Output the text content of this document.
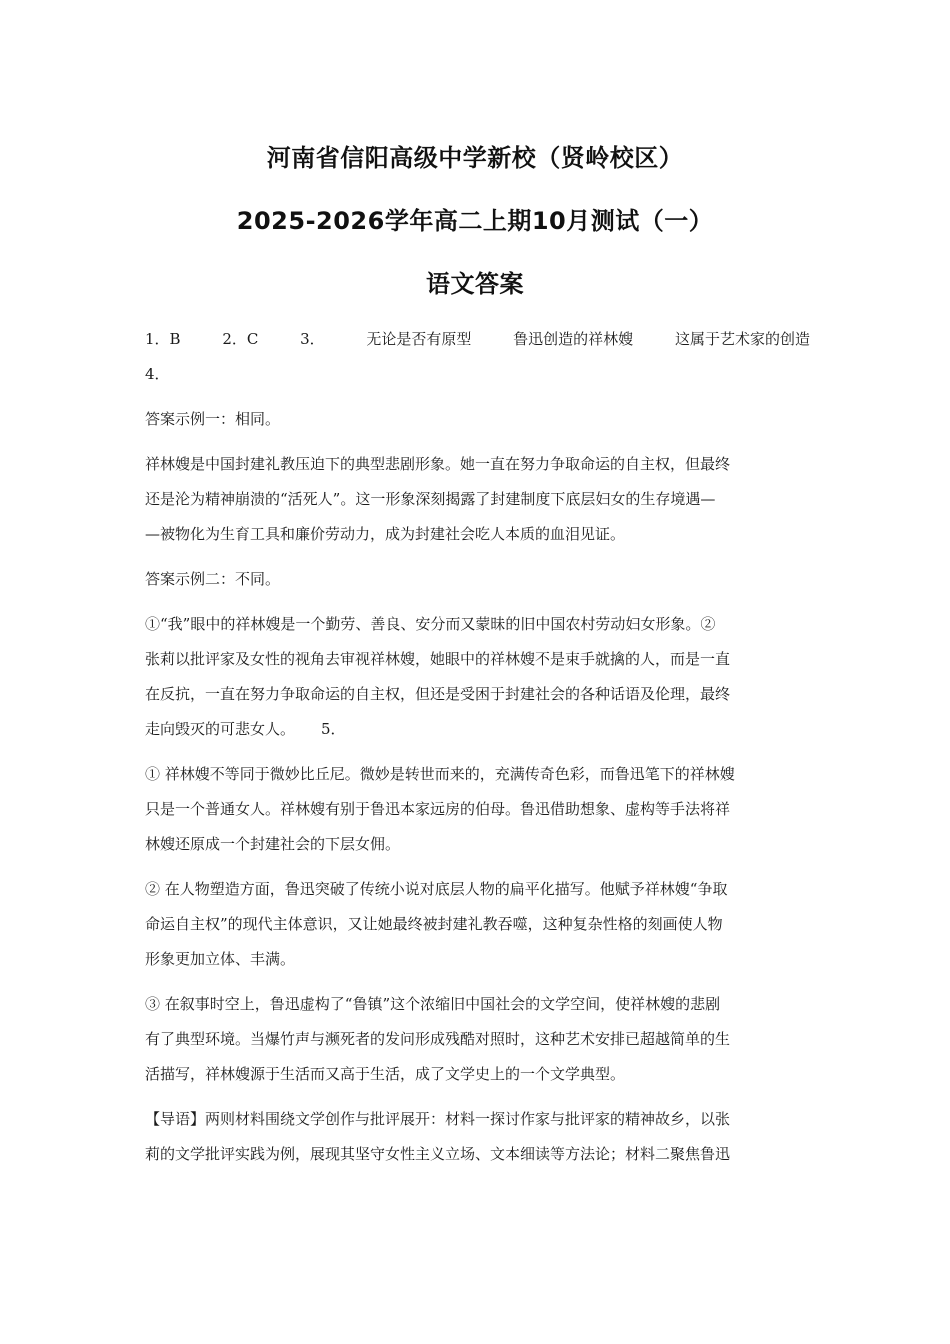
河南省信阳高级中学新校（贤岭校区）
2025-2026学年高二上期10月测试（一）
语文答案
1．B	2．C	3．	无论是否有原型	鲁迅创造的祥林嫂	这属于艺术家的创造
4．
答案示例一：相同。
祥林嫂是中国封建礼教压迫下的典型悲剧形象。她一直在努力争取命运的自主权，但最终
还是沦为精神崩溃的“活死人”。这一形象深刻揭露了封建制度下底层妇女的生存境遇—
—被物化为生育工具和廉价劳动力，成为封建社会吃人本质的血泪见证。
答案示例二：不同。
①“我”眼中的祥林嫂是一个勤劳、善良、安分而又蒙昧的旧中国农村劳动妇女形象。②
张莉以批评家及女性的视角去审视祥林嫂，她眼中的祥林嫂不是束手就擒的人，而是一直
在反抗，一直在努力争取命运的自主权，但还是受困于封建社会的各种话语及伦理，最终
走向毁灭的可悲女人。 5．
① 祥林嫂不等同于微妙比丘尼。微妙是转世而来的，充满传奇色彩，而鲁迅笔下的祥林嫂
只是一个普通女人。祥林嫂有别于鲁迅本家远房的伯母。鲁迅借助想象、虚构等手法将祥
林嫂还原成一个封建社会的下层女佣。
② 在人物塑造方面，鲁迅突破了传统小说对底层人物的扁平化描写。他赋予祥林嫂“争取
命运自主权”的现代主体意识，又让她最终被封建礼教吞噬，这种复杂性格的刻画使人物
形象更加立体、丰满。
③ 在叙事时空上，鲁迅虚构了“鲁镇”这个浓缩旧中国社会的文学空间，使祥林嫂的悲剧
有了典型环境。当爆竹声与濒死者的发问形成残酷对照时，这种艺术安排已超越简单的生
活描写，祥林嫂源于生活而又高于生活，成了文学史上的一个文学典型。
【导语】两则材料围绕文学创作与批评展开：材料一探讨作家与批评家的精神故乡，以张
莉的文学批评实践为例，展现其坚守女性主义立场、文本细读等方法论；材料二聚焦鲁迅
